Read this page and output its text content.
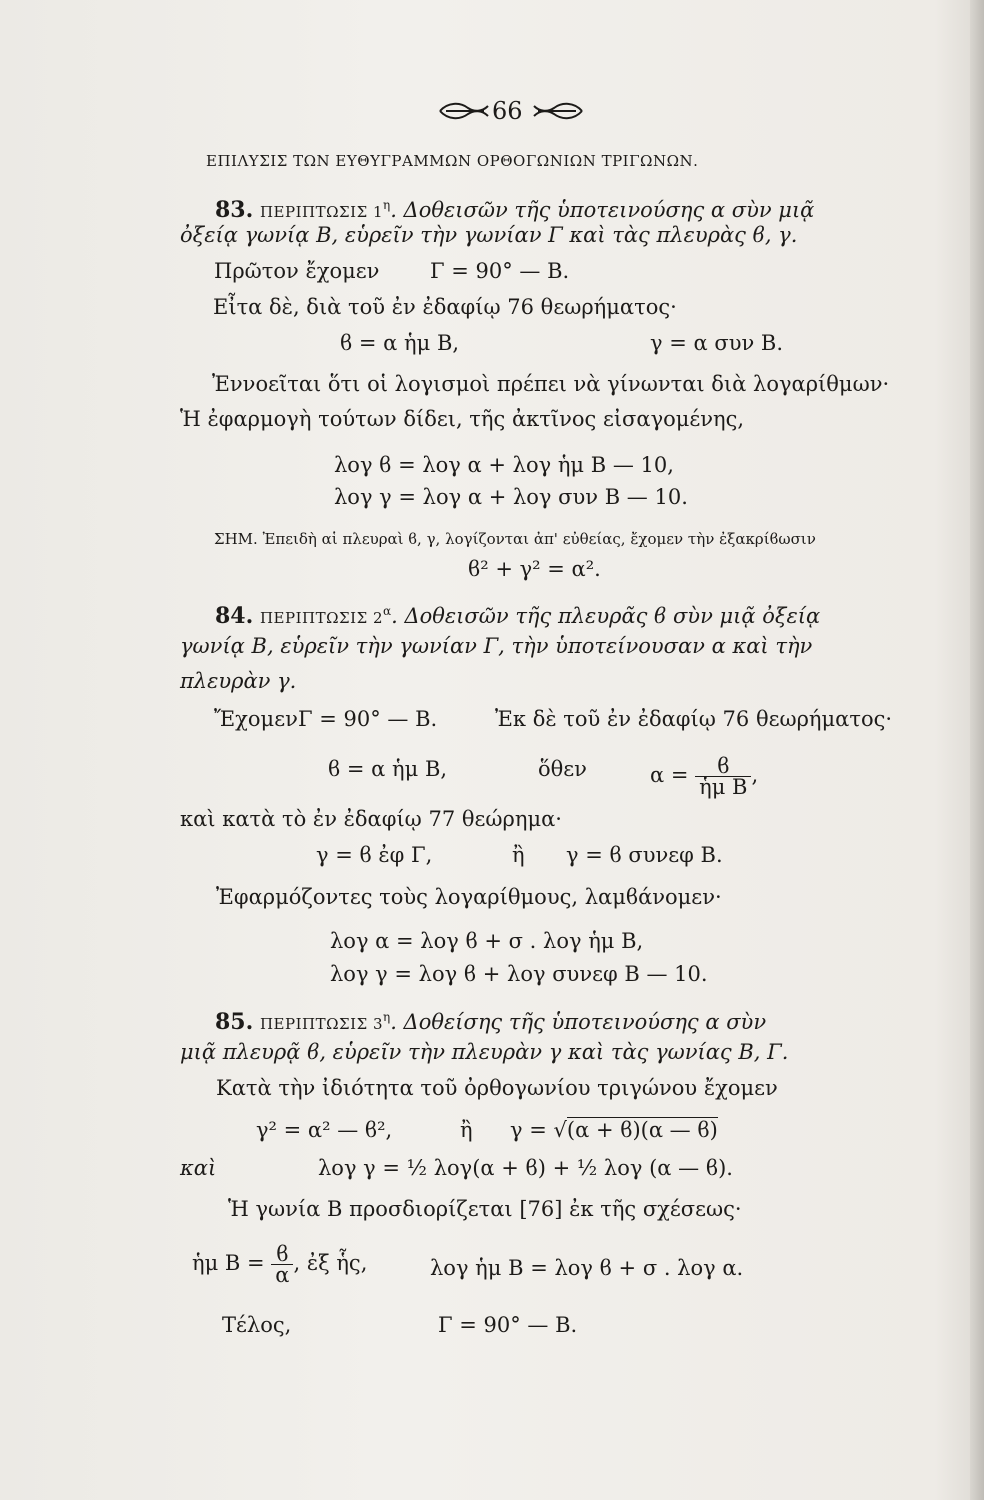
66
ΕΠΙΛΥΣΙΣ ΤΩΝ ΕΥΘΥΓΡΑΜΜΩΝ ΟΡΘΟΓΩΝΙΩΝ ΤΡΙΓΩΝΩΝ.
83. ΠΕΡΙΠΤΩΣΙΣ $1^\eta$. Δοθεισῶν τῆς ὑποτεινούσης α σὺν μιᾷ
ὀξείᾳ γωνίᾳ Β, εὑρεῖν τὴν γωνίαν Γ καὶ τὰς πλευρὰς ϐ, γ.
Πρῶτον ἔχομεν Γ = 90° — Β.
Εἶτα δὲ, διὰ τοῦ ἐν ἐδαφίῳ 76 θεωρήματος·
ϐ = α ἡμ Β,	γ = α συν Β.
Ἐννοεῖται ὅτι οἱ λογισμοὶ πρέπει νὰ γίνωνται διὰ λογαρίθμων·
Ἡ ἐφαρμογὴ τούτων δίδει, τῆς ἀκτῖνος εἰσαγομένης,
λογ ϐ = λογ α + λογ ἡμ Β — 10,
λογ γ = λογ α + λογ συν Β — 10.
ΣΗΜ. Ἐπειδὴ αἱ πλευραὶ ϐ, γ, λογίζονται ἀπ' εὐθείας, ἔχομεν τὴν ἐξακρίϐωσιν
ϐ² + γ² = α².
84. ΠΕΡΙΠΤΩΣΙΣ $2^\alpha$. Δοθεισῶν τῆς πλευρᾶς ϐ σὺν μιᾷ ὀξείᾳ
γωνίᾳ Β, εὑρεῖν τὴν γωνίαν Γ, τὴν ὑποτείνουσαν α καὶ τὴν
πλευρὰν γ.
Ἔχομεν Γ = 90° — Β.	Ἐκ δὲ τοῦ ἐν ἐδαφίῳ 76 θεωρήματος·
ϐ = α ἡμ Β,	ὅθεν	$\alpha = \frac{ϐ}{\text{ἡμ Β}}$ ,
καὶ κατὰ τὸ ἐν ἐδαφίῳ 77 θεώρημα·
γ = ϐ ἐφ Γ,	ἢ γ = ϐ συνεφ Β.
Ἐφαρμόζοντες τοὺς λογαρίθμους, λαμϐάνομεν·
λογ α = λογ ϐ + σ . λογ ἡμ Β,
λογ γ = λογ ϐ + λογ συνεφ Β — 10.
85. ΠΕΡΙΠΤΩΣΙΣ $3^\eta$. Δοθείσης τῆς ὑποτεινούσης α σὺν
μιᾷ πλευρᾷ ϐ, εὑρεῖν τὴν πλευρὰν γ καὶ τὰς γωνίας Β, Γ.
Κατὰ τὴν ἰδιότητα τοῦ ὀρθογωνίου τριγώνου ἔχομεν
γ² = α² — ϐ²,	ἢ γ = √(α + ϐ)(α — ϐ)
καὶ	λογ γ = ½ λογ(α + ϐ) + ½ λογ (α — ϐ).
Ἡ γωνία Β προσδιορίζεται [76] ἐκ τῆς σχέσεως·
ἡμ $B = \frac{ϐ}{\alpha}$ , ἐξ ἧς,	λογ ἡμ Β = λογ ϐ + σ . λογ α.
Τέλος,	Γ = 90° — Β.
